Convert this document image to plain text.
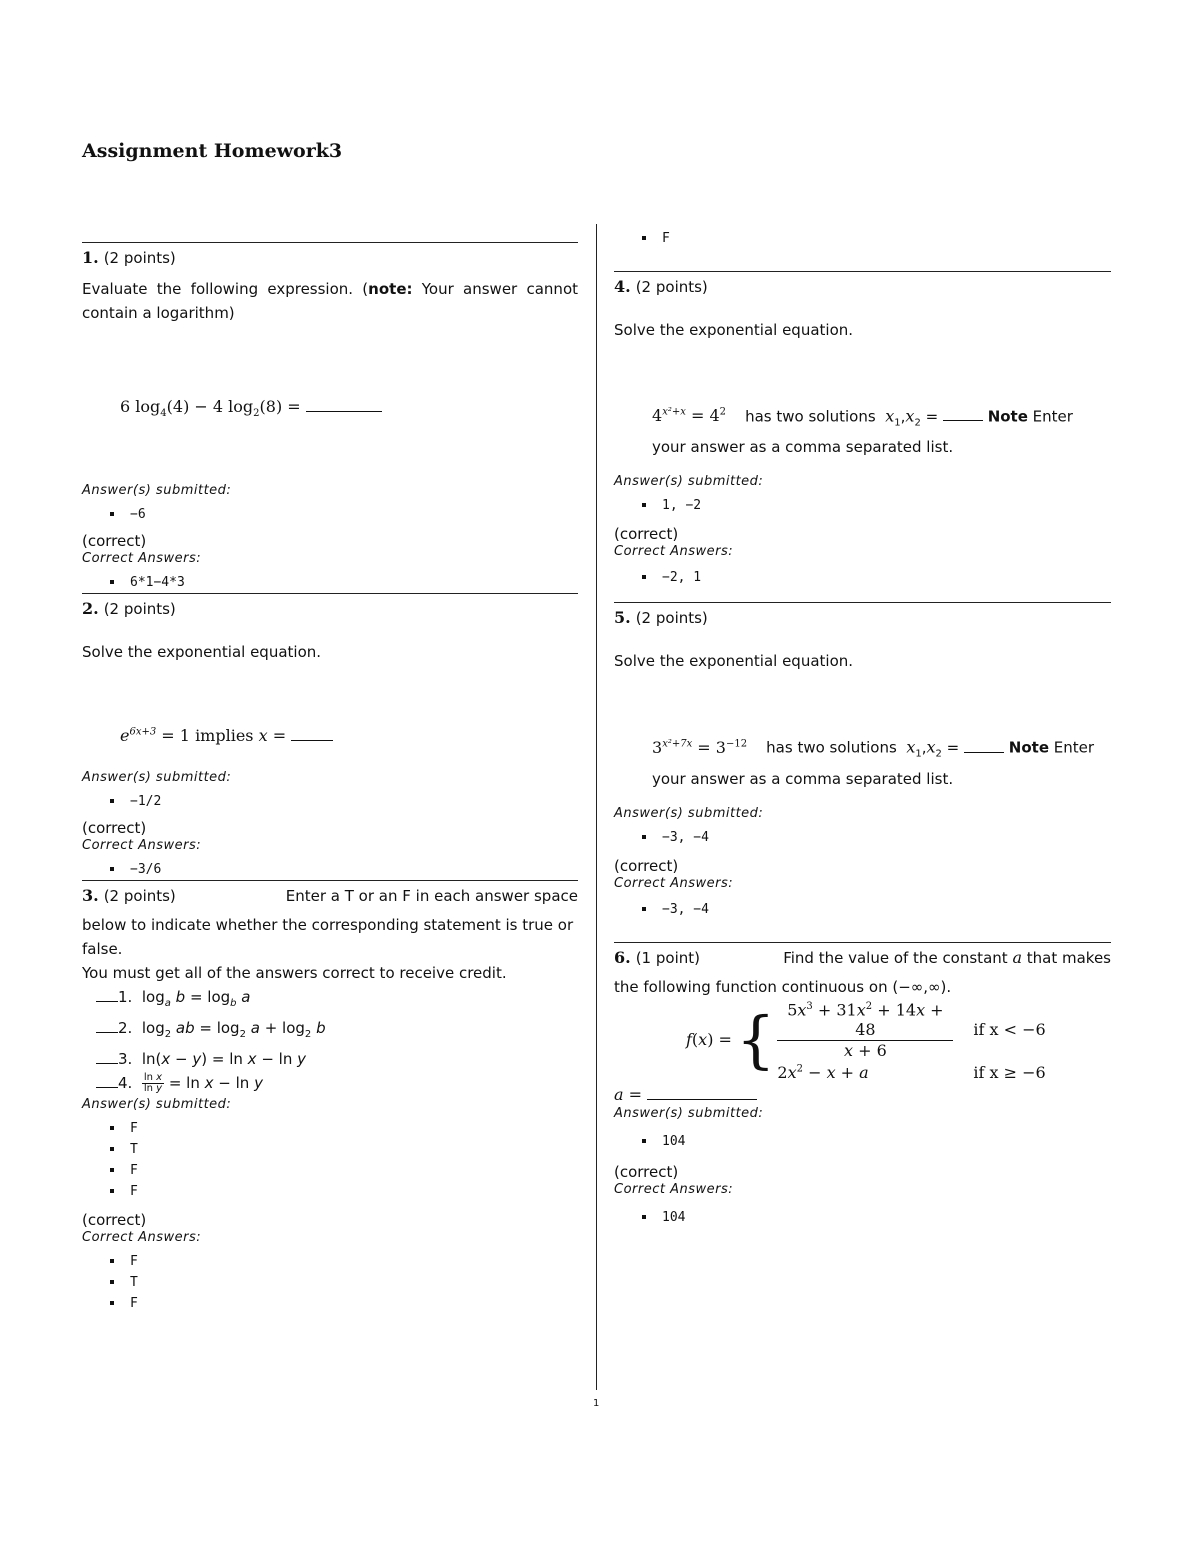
Assignment Homework3
1. (2 points)
Evaluate the following expression. (note: Your answer cannot contain a logarithm)
6 $\log_4(4) - 4$ $\log_2(8)$ =
Answer(s) submitted:
−6
(correct)
Correct Answers:
6*1−4*3
2. (2 points)
Solve the exponential equation.
$e^{6x+3} = 1$ implies x =
Answer(s) submitted:
−1/2
(correct)
Correct Answers:
−3/6
3. (2 points)	Enter a T or an F in each answer space
below to indicate whether the corresponding statement is true or false.
You must get all of the answers correct to receive credit.
1.  $\log_a b = \log_b a$
2.  $\log_2$ ab = $\log_2 a + \log_2 b$
3.  ln(x − y) = ln x − ln y
4. $\frac{\text{ln x}}{\text{ln y}} = \ln x - \ln y$
Answer(s) submitted:
F
T
F
F
(correct)
Correct Answers:
F
T
F
F
4. (2 points)
Solve the exponential equation.
$4^{x^2+x} = 4^2$ has two solutions $x_1,x_2$ =	Note Enter your answer as a comma separated list.
Answer(s) submitted:
1, −2
(correct)
Correct Answers:
−2, 1
5. (2 points)
Solve the exponential equation.
$3^{x^2+7x} = 3^{-12}$ has two solutions $x_1,x_2$ =	Note Enter your answer as a comma separated list.
Answer(s) submitted:
−3, −4
(correct)
Correct Answers:
−3, −4
6. (1 point)	Find the value of the constant a that makes
the following function continuous on (−∞,∞).
f(x) = { $\frac{5x^3 + 31x^2 + 14x + 48}{x + 6}$ if x < −6
$2x^2 - x + a$	if x ≥ −6
a =
Answer(s) submitted:
104
(correct)
Correct Answers:
104
1
